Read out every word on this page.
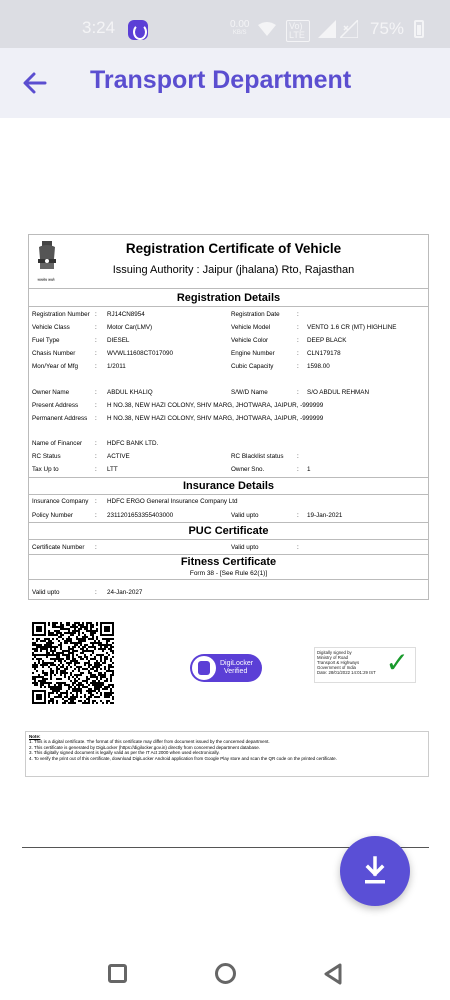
3:24	0.00
KB/S
Vo) LTE	75%
Transport Department
सत्यमेव जयते
Registration Certificate of Vehicle
Issuing Authority : Jaipur (jhalana) Rto, Rajasthan
Registration Details
Registration Number : RJ14CN8954	Registration Date	:
Vehicle Class	: Motor Car(LMV)	Vehicle Model	: VENTO 1.6 CR (MT) HIGHLINE
Fuel Type	: DIESEL	Vehicle Color	: DEEP BLACK
Chasis Number	: WVWL11608CT017090	Engine Number	: CLN179178
Mon/Year of Mfg	: 1/2011	Cubic Capacity	: 1598.00
Owner Name	: ABDUL KHALIQ	S/W/D Name	: S/O ABDUL REHMAN
Present Address	: H NO.38, NEW HAZI COLONY, SHIV MARG, JHOTWARA, JAIPUR, -999999
Permanent Address : H NO.38, NEW HAZI COLONY, SHIV MARG, JHOTWARA, JAIPUR, -999999
Name of Financer : HDFC BANK LTD.
RC Status	: ACTIVE	RC Blacklist status :
Tax Up to	: LTT	Owner Sno.	: 1
Insurance Details
Insurance Company : HDFC ERGO General Insurance Company Ltd
Policy Number	: 2311201653355403000	Valid upto	: 19-Jan-2021
PUC Certificate
Certificate Number :	Valid upto	:
Fitness Certificate
Form 38 - [See Rule 62(1)]
Valid upto	: 24-Jan-2027
DigiLocker
Verified
Digitally signed by
Ministry of Road
Transport & Highways
Government of India
Date: 28/01/2022 14:01:29 IST ✓
Note:
1. This is a digital certificate. The format of this certificate may differ from document issued by the concerned department.
2. This certificate is generated by DigiLocker (https://digilocker.gov.in) directly from concerned department database.
3. This digitally signed document is legally valid as per the IT Act 2000 when used electronically.
4. To verify the print out of this certificate, download DigiLocker Android application from Google Play store and scan the QR code on the printed certificate.
